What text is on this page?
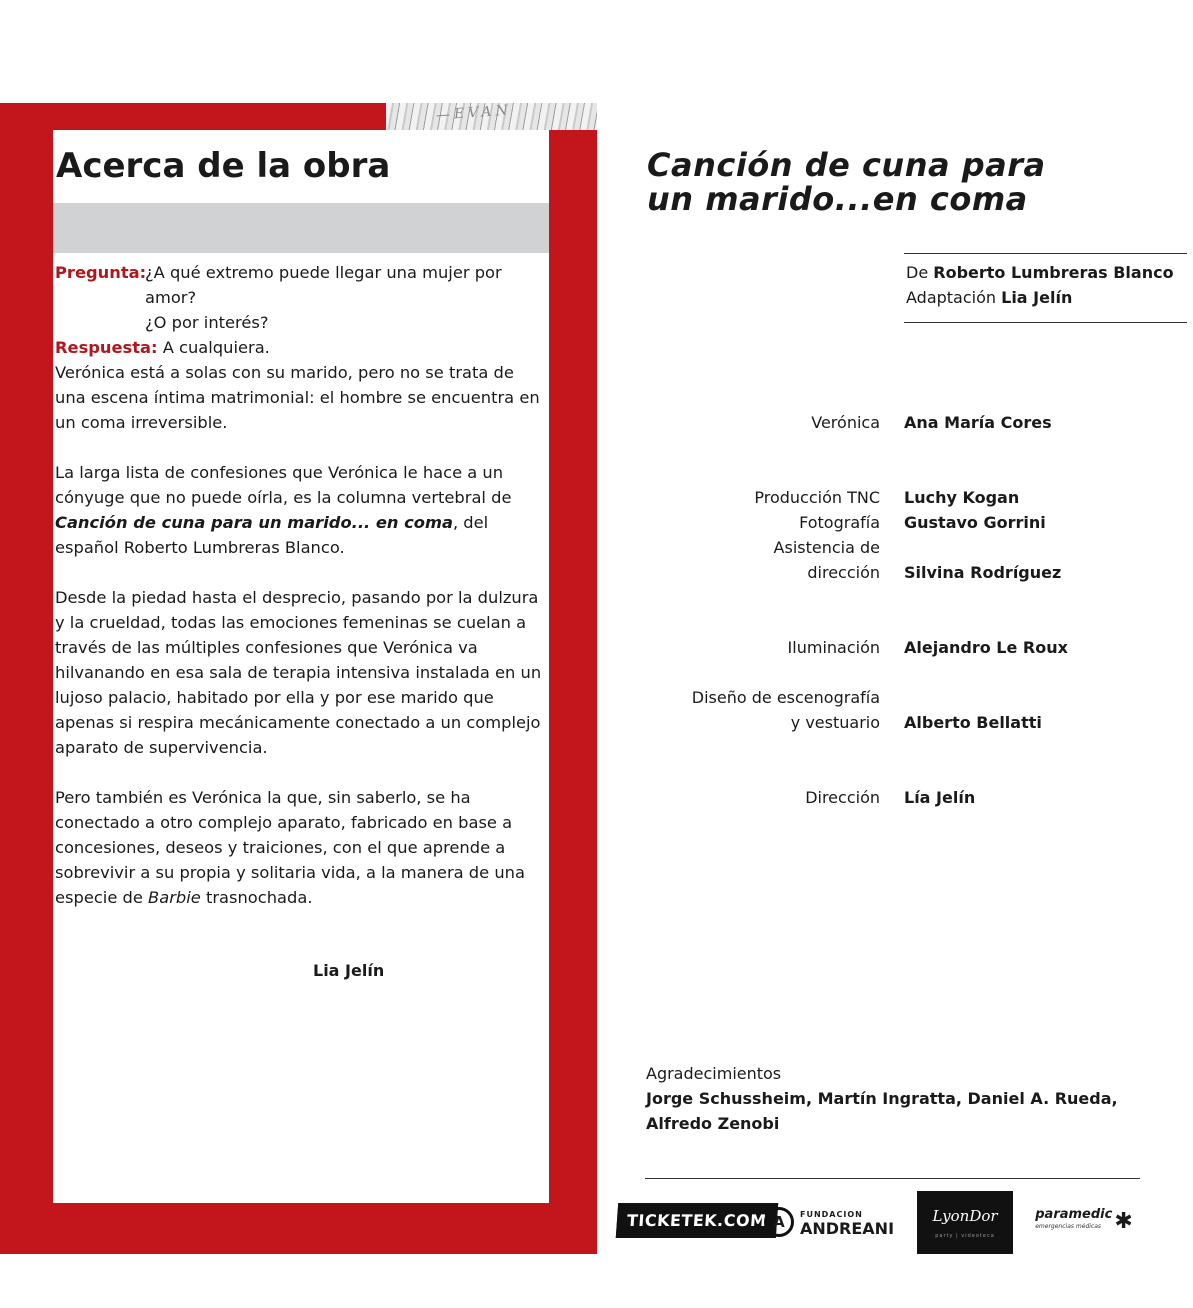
—EVAN
Acerca de la obra
Pregunta:
¿A qué extremo puede llegar una mujer por amor?
¿O por interés?
Respuesta:
A cualquiera.

Verónica está a solas con su marido, pero no se trata de una escena íntima matrimonial: el hombre se encuentra en un coma irreversible.

La larga lista de confesiones que Verónica le hace a un cónyuge que no puede oírla, es la columna vertebral de Canción de cuna para un marido... en coma, del español Roberto Lumbreras Blanco.

Desde la piedad hasta el desprecio, pasando por la dulzura y la crueldad, todas las emociones femeninas se cuelan a través de las múltiples confesiones que Verónica va hilvanando en esa sala de terapia intensiva instalada en un lujoso palacio, habitado por ella y por ese marido que apenas si respira mecánicamente conectado a un complejo aparato de supervivencia.

Pero también es Verónica la que, sin saberlo, se ha conectado a otro complejo aparato, fabricado en base a concesiones, deseos y traiciones, con el que aprende a sobrevivir a su propia y solitaria vida, a la manera de una especie de Barbie trasnochada.

Lia Jelín

Canción de cuna para
un marido...en coma
De Roberto Lumbreras Blanco
Adaptación Lia Jelín

Verónica Ana María Cores

Producción TNC Luchy Kogan

Fotografía Gustavo Gorrini

Asistencia de

dirección Silvina Rodríguez

Iluminación Alejandro Le Roux

Diseño de escenografía

y vestuario Alberto Bellatti

Dirección Lía Jelín

Agradecimientos

Jorge Schussheim, Martín Ingratta, Daniel A. Rueda, Alfredo Zenobi

TICKETEK.COM A	FUNDACION
ANDREANI
LyonDor
party | videoteca
paramedic
emergencias médicas ✱
